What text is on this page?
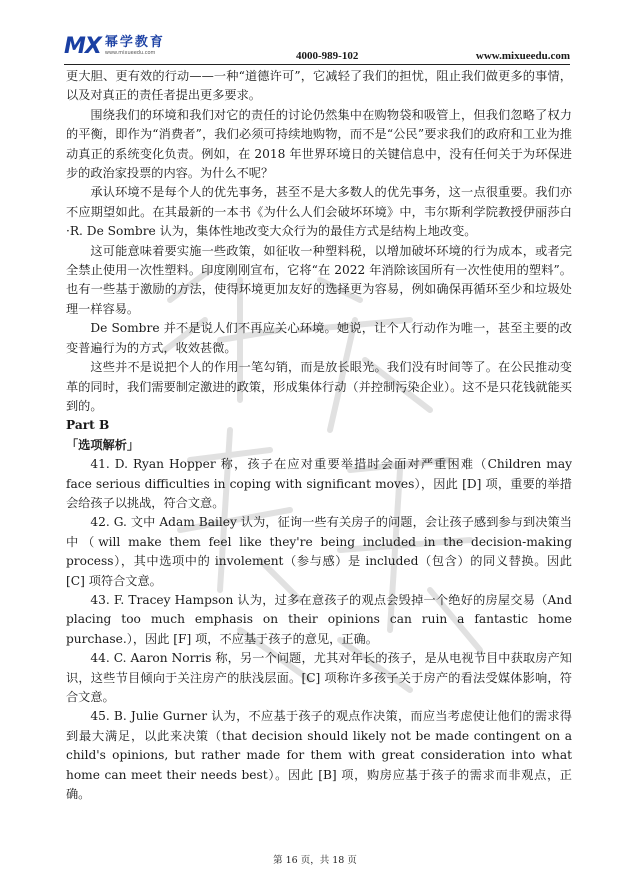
MX 幂学教育
www.mixueedu.com	4000-989-102	www.mixueedu.com

更大胆、更有效的行动——一种“道德许可”，它减轻了我们的担忧，阻止我们做更多的事情，以及对真正的责任者提出更多要求。

围绕我们的环境和我们对它的责任的讨论仍然集中在购物袋和吸管上，但我们忽略了权力的平衡，即作为“消费者”，我们必须可持续地购物，而不是“公民”要求我们的政府和工业为推动真正的系统变化负责。例如，在 2018 年世界环境日的关键信息中，没有任何关于为环保进步的政治家投票的内容。为什么不呢？

承认环境不是每个人的优先事务，甚至不是大多数人的优先事务，这一点很重要。我们亦不应期望如此。在其最新的一本书《为什么人们会破坏环境》中，韦尔斯利学院教授伊丽莎白·R. De Sombre 认为，集体性地改变大众行为的最佳方式是结构上地改变。

这可能意味着要实施一些政策，如征收一种塑料税，以增加破坏环境的行为成本，或者完全禁止使用一次性塑料。印度刚刚宣布，它将“在 2022 年消除该国所有一次性使用的塑料”。也有一些基于激励的方法，使得环境更加友好的选择更为容易，例如确保再循环至少和垃圾处理一样容易。

De Sombre 并不是说人们不再应关心环境。她说，让个人行动作为唯一，甚至主要的改变普遍行为的方式，收效甚微。

这些并不是说把个人的作用一笔勾销，而是放长眼光。我们没有时间等了。在公民推动变革的同时，我们需要制定激进的政策，形成集体行动（并控制污染企业）。这不是只花钱就能买到的。

Part B

「选项解析」

41. D. Ryan Hopper 称，孩子在应对重要举措时会面对严重困难（Children may face serious difficulties in coping with significant moves），因此 [D] 项，重要的举措会给孩子以挑战，符合文意。

42. G. 文中 Adam Bailey 认为，征询一些有关房子的问题，会让孩子感到参与到决策当中（will make them feel like they're being included in the decision-making process），其中选项中的 involement（参与感）是 included（包含）的同义替换。因此 [C] 项符合文意。

43. F. Tracey Hampson 认为，过多在意孩子的观点会毁掉一个绝好的房屋交易（And placing too much emphasis on their opinions can ruin a fantastic home purchase.），因此 [F] 项，不应基于孩子的意见，正确。

44. C. Aaron Norris 称，另一个问题，尤其对年长的孩子，是从电视节目中获取房产知识，这些节目倾向于关注房产的肤浅层面。[C] 项称许多孩子关于房产的看法受媒体影响，符合文意。

45. B. Julie Gurner 认为，不应基于孩子的观点作决策，而应当考虑使让他们的需求得到最大满足，以此来决策（that decision should likely not be made contingent on a child's opinions, but rather made for them with great consideration into what home can meet their needs best）。因此 [B] 项，购房应基于孩子的需求而非观点，正确。

第 16 页，共 18 页
